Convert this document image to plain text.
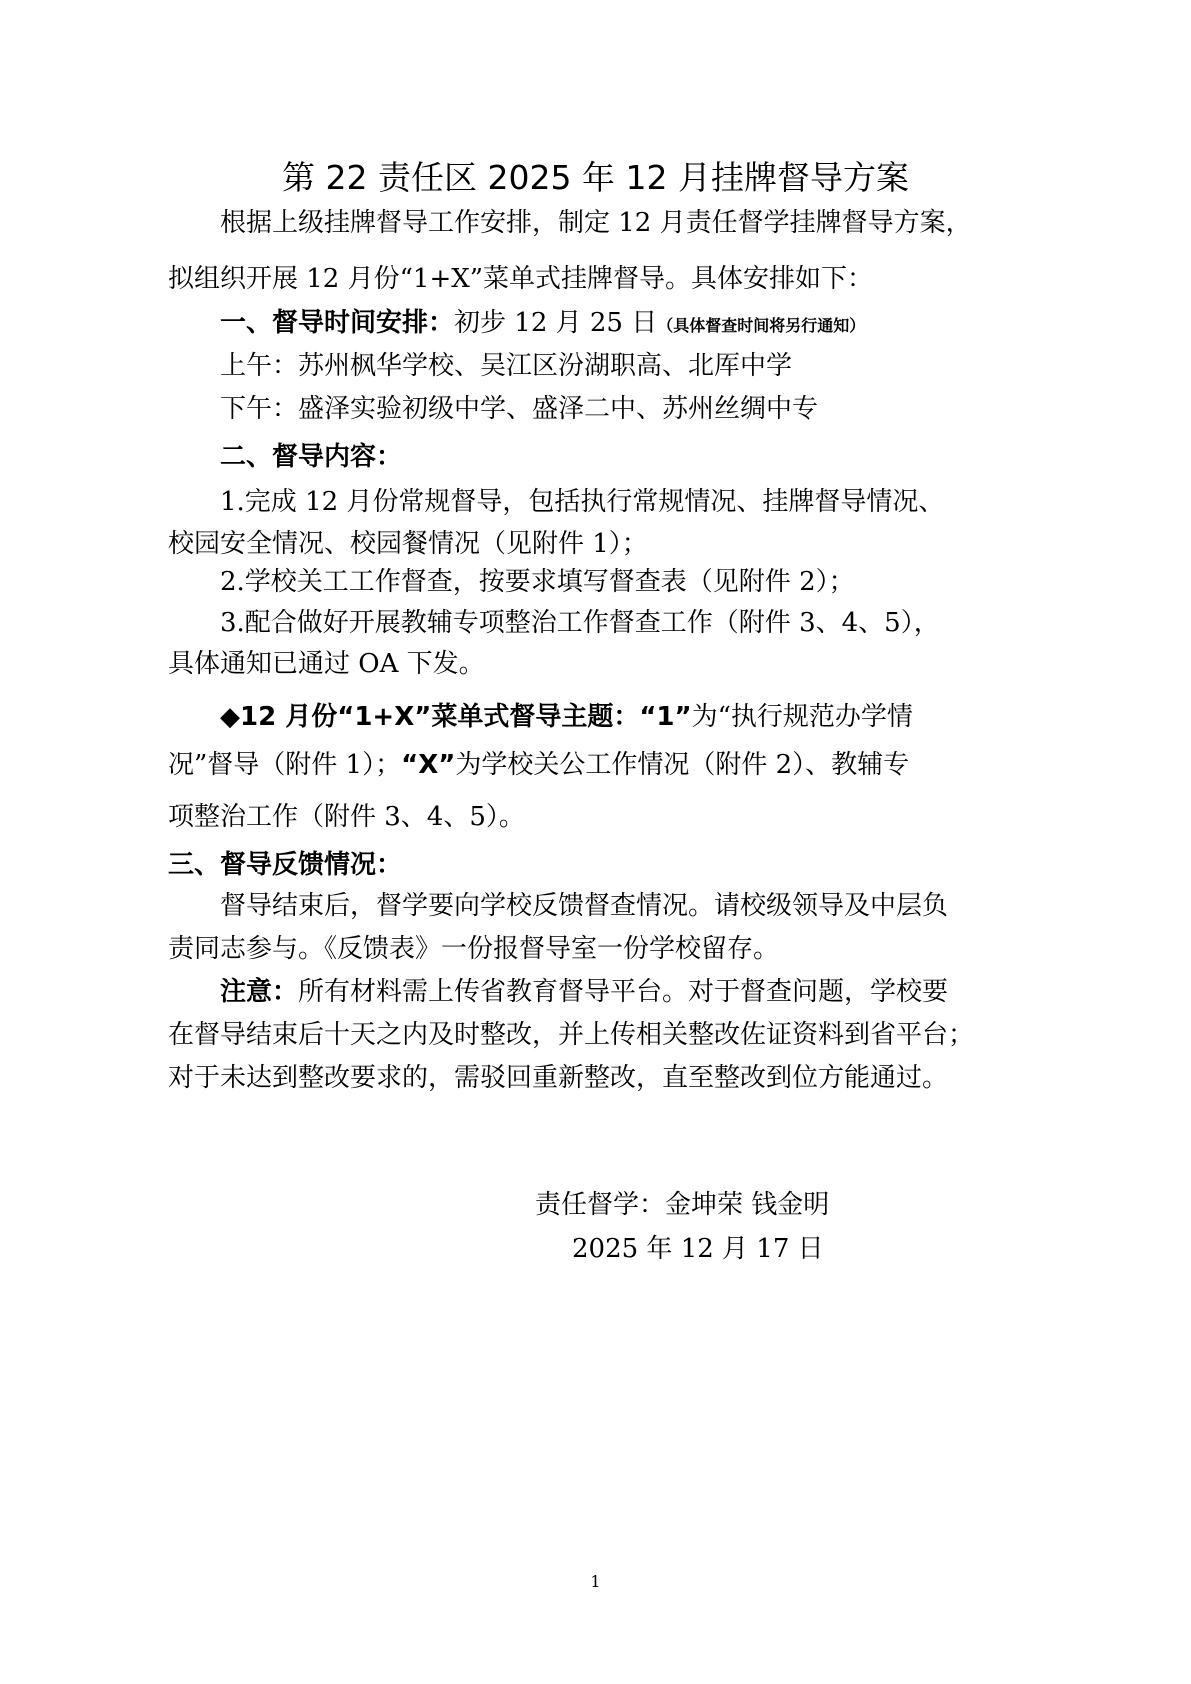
第 22 责任区 2025 年 12 月挂牌督导方案
根据上级挂牌督导工作安排，制定 12 月责任督学挂牌督导方案，
拟组织开展 12 月份“1+X”菜单式挂牌督导。具体安排如下：
一、督导时间安排：初步 12 月 25 日（具体督查时间将另行通知）
上午：苏州枫华学校、吴江区汾湖职高、北厍中学
下午：盛泽实验初级中学、盛泽二中、苏州丝绸中专
二、督导内容：
1.完成 12 月份常规督导，包括执行常规情况、挂牌督导情况、
校园安全情况、校园餐情况（见附件 1）；
2.学校关工工作督查，按要求填写督查表（见附件 2）；
3.配合做好开展教辅专项整治工作督查工作（附件 3、4、5），
具体通知已通过 OA 下发。
◆12 月份“1+X”菜单式督导主题：“1”为“执行规范办学情
况”督导（附件 1）；“X”为学校关公工作情况（附件 2）、教辅专
项整治工作（附件 3、4、5）。
三、督导反馈情况：
督导结束后，督学要向学校反馈督查情况。请校级领导及中层负
责同志参与。《反馈表》一份报督导室一份学校留存。
注意：所有材料需上传省教育督导平台。对于督查问题，学校要
在督导结束后十天之内及时整改，并上传相关整改佐证资料到省平台；
对于未达到整改要求的，需驳回重新整改，直至整改到位方能通过。
责任督学：金坤荣 钱金明
2025 年 12 月 17 日
1
